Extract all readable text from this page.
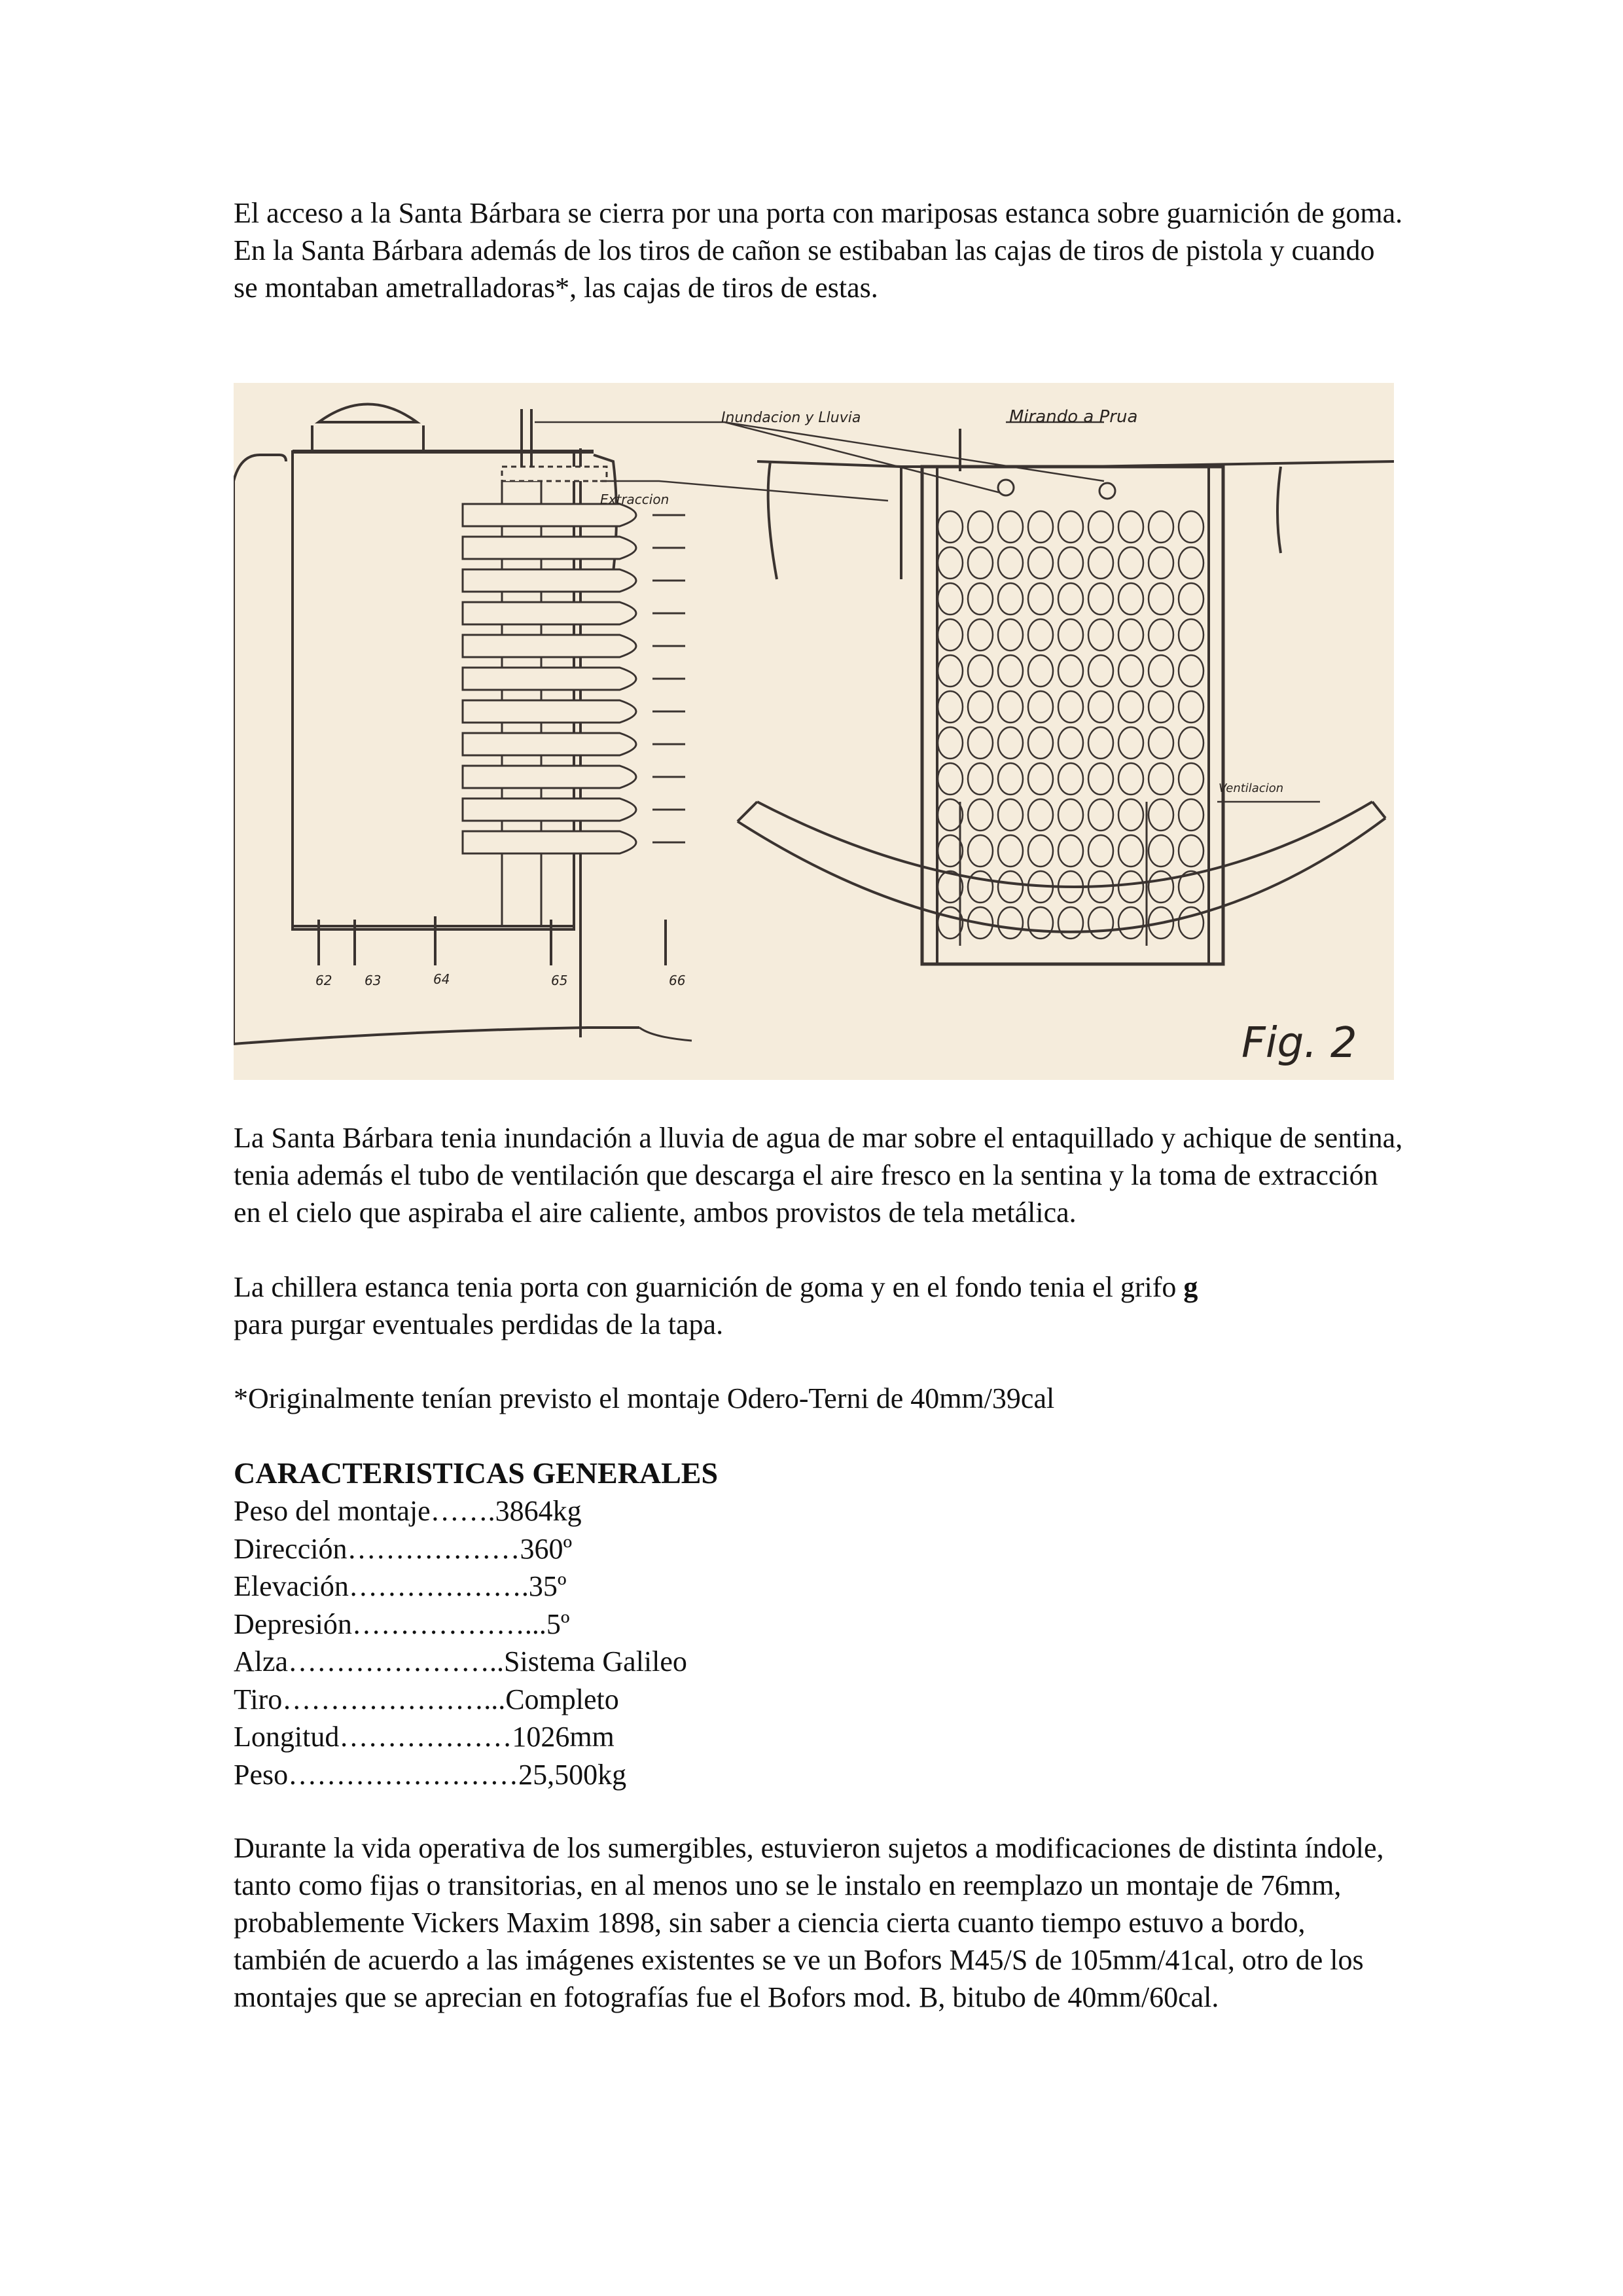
El acceso a la Santa Bárbara se cierra por una porta con mariposas estanca sobre guarnición de goma. En la Santa Bárbara además de los tiros de cañon se estibaban las cajas de tiros de pistola y cuando se montaban ametralladoras*, las cajas de tiros de estas.

Inundacion y Lluvia	Mirando a Prua
Extraccion
Ventilacion
62 63	64	65	66
Fig. 2

La Santa Bárbara tenia inundación a lluvia de agua de mar sobre el entaquillado y achique de sentina, tenia además el tubo de ventilación que descarga el aire fresco en la sentina y la toma de extracción en el cielo que aspiraba el aire caliente, ambos provistos de tela metálica.

La chillera estanca tenia porta con guarnición de goma y en el fondo tenia el grifo g
para purgar eventuales perdidas de la tapa.

*Originalmente tenían previsto el montaje Odero-Terni de 40mm/39cal

CARACTERISTICAS GENERALES
Peso del montaje…….3864kg
Dirección………………360º
Elevación……………….35º
Depresión………………...5º
Alza…………………..Sistema Galileo
Tiro…………………...Completo
Longitud………………1026mm
Peso……………………25,500kg

Durante la vida operativa de los sumergibles, estuvieron sujetos a modificaciones de distinta índole, tanto como fijas o transitorias, en al menos uno se le instalo en reemplazo un montaje de 76mm, probablemente Vickers Maxim 1898, sin saber a ciencia cierta cuanto tiempo estuvo a bordo, también de acuerdo a las imágenes existentes se ve un Bofors M45/S de 105mm/41cal, otro de los montajes que se aprecian en fotografías fue el Bofors mod. B, bitubo de 40mm/60cal.
